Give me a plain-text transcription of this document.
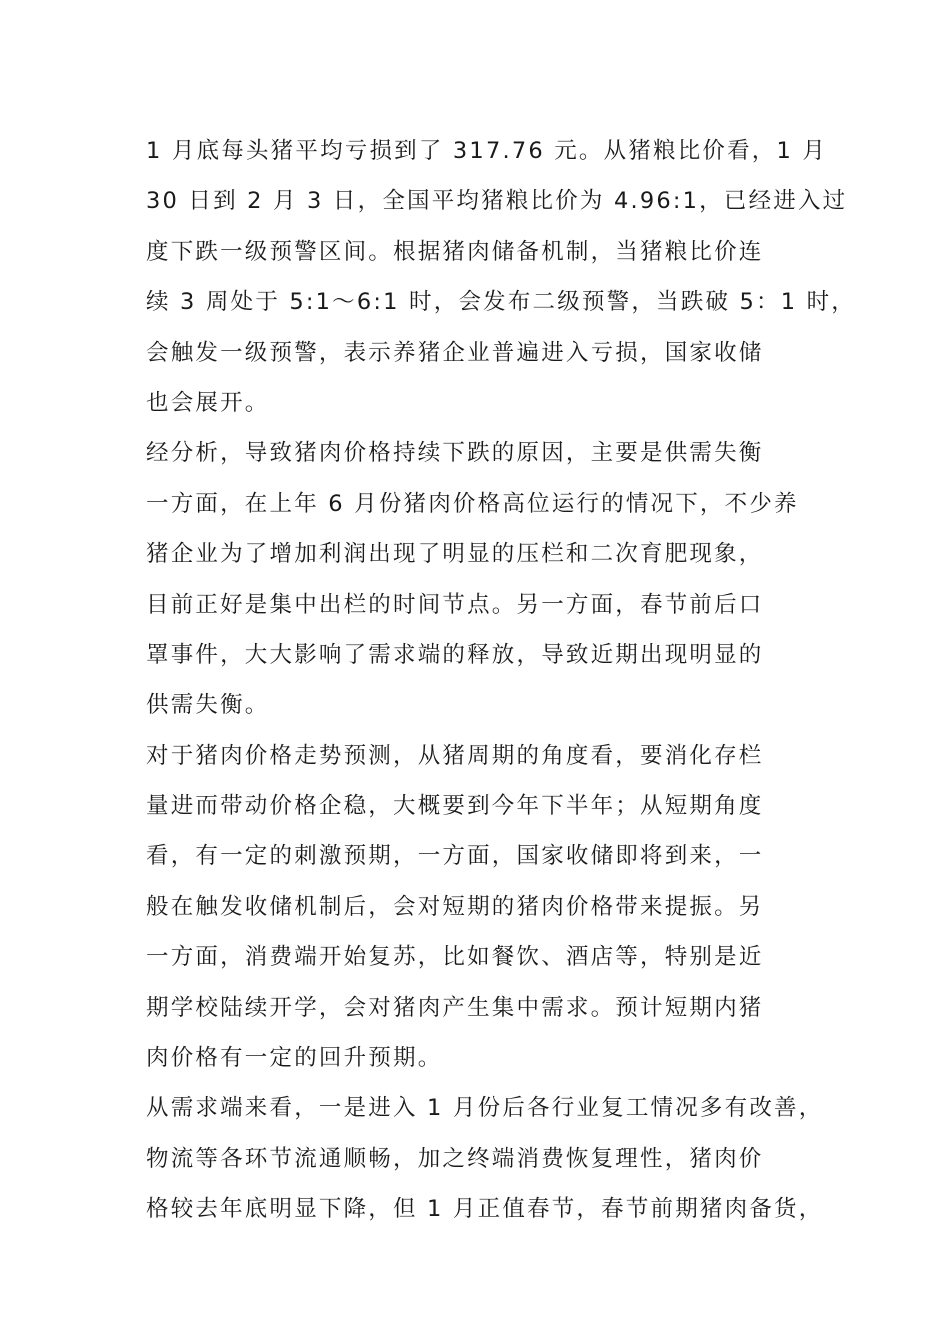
1 月底每头猪平均亏损到了 317.76 元。从猪粮比价看，1 月
30 日到 2 月 3 日，全国平均猪粮比价为 4.96:1，已经进入过
度下跌一级预警区间。根据猪肉储备机制，当猪粮比价连
续 3 周处于 5:1～6:1 时，会发布二级预警，当跌破 5：1 时，
会触发一级预警，表示养猪企业普遍进入亏损，国家收储
也会展开。
经分析，导致猪肉价格持续下跌的原因，主要是供需失衡
一方面，在上年 6 月份猪肉价格高位运行的情况下，不少养
猪企业为了增加利润出现了明显的压栏和二次育肥现象，
目前正好是集中出栏的时间节点。另一方面，春节前后口
罩事件，大大影响了需求端的释放，导致近期出现明显的
供需失衡。
对于猪肉价格走势预测，从猪周期的角度看，要消化存栏
量进而带动价格企稳，大概要到今年下半年；从短期角度
看，有一定的刺激预期，一方面，国家收储即将到来，一
般在触发收储机制后，会对短期的猪肉价格带来提振。另
一方面，消费端开始复苏，比如餐饮、酒店等，特别是近
期学校陆续开学，会对猪肉产生集中需求。预计短期内猪
肉价格有一定的回升预期。
从需求端来看，一是进入 1 月份后各行业复工情况多有改善，
物流等各环节流通顺畅，加之终端消费恢复理性，猪肉价
格较去年底明显下降，但 1 月正值春节，春节前期猪肉备货，
